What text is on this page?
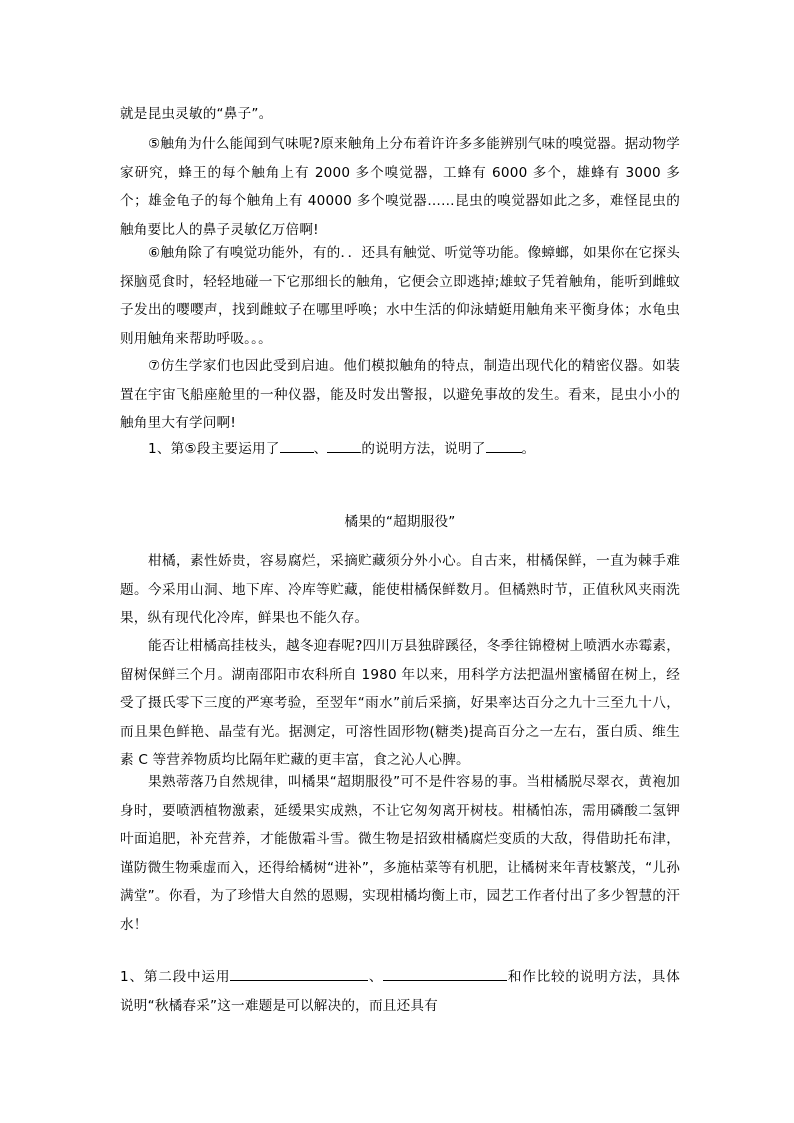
就是昆虫灵敏的“鼻子”。

⑤触角为什么能闻到气味呢?原来触角上分布着许许多多能辨别气味的嗅觉器。据动物学家研究，蜂王的每个触角上有 2000 多个嗅觉器，工蜂有 6000 多个，雄蜂有 3000 多个；雄金龟子的每个触角上有 40000 多个嗅觉器……昆虫的嗅觉器如此之多，难怪昆虫的触角要比人的鼻子灵敏亿万倍啊!

⑥触角除了有嗅觉功能外，有的．．还具有触觉、听觉等功能。像蟑螂，如果你在它探头探脑觅食时，轻轻地碰一下它那细长的触角，它便会立即逃掉;雄蚊子凭着触角，能听到雌蚊子发出的嘤嘤声，找到雌蚊子在哪里呼唤；水中生活的仰泳蜻蜓用触角来平衡身体；水龟虫则用触角来帮助呼吸。。。

⑦仿生学家们也因此受到启迪。他们模拟触角的特点，制造出现代化的精密仪器。如装置在宇宙飞船座舱里的一种仪器，能及时发出警报，以避免事故的发生。看来，昆虫小小的触角里大有学问啊!

1、第⑤段主要运用了	、	的说明方法，说明了	。

橘果的“超期服役”

柑橘，素性娇贵，容易腐烂，采摘贮藏须分外小心。自古来，柑橘保鲜，一直为棘手难题。今采用山洞、地下库、冷库等贮藏，能使柑橘保鲜数月。但橘熟时节，正值秋风夹雨洗果，纵有现代化冷库，鲜果也不能久存。

能否让柑橘高挂枝头，越冬迎春呢?四川万县独辟蹊径，冬季往锦橙树上喷洒水赤霉素，留树保鲜三个月。湖南邵阳市农科所自 1980 年以来，用科学方法把温州蜜橘留在树上，经受了摄氏零下三度的严寒考验，至翌年“雨水”前后采摘，好果率达百分之九十三至九十八，而且果色鲜艳、晶莹有光。据测定，可溶性固形物(糖类)提高百分之一左右，蛋白质、维生素 C 等营养物质均比隔年贮藏的更丰富，食之沁人心脾。

果熟蒂落乃自然规律，叫橘果“超期服役”可不是件容易的事。当柑橘脱尽翠衣，黄袍加身时，要喷洒植物激素，延缓果实成熟，不让它匆匆离开树枝。柑橘怕冻，需用磷酸二氢钾叶面追肥，补充营养，才能傲霜斗雪。微生物是招致柑橘腐烂变质的大敌，得借助托布津，谨防微生物乘虚而入，还得给橘树“进补”，多施枯菜等有机肥，让橘树来年青枝繁茂，“儿孙满堂”。你看，为了珍惜大自然的恩赐，实现柑橘均衡上市，园艺工作者付出了多少智慧的汗水！

1、第二段中运用	、	和作比较的说明方法，具体说明“秋橘春采”这一难题是可以解决的，而且还具有
